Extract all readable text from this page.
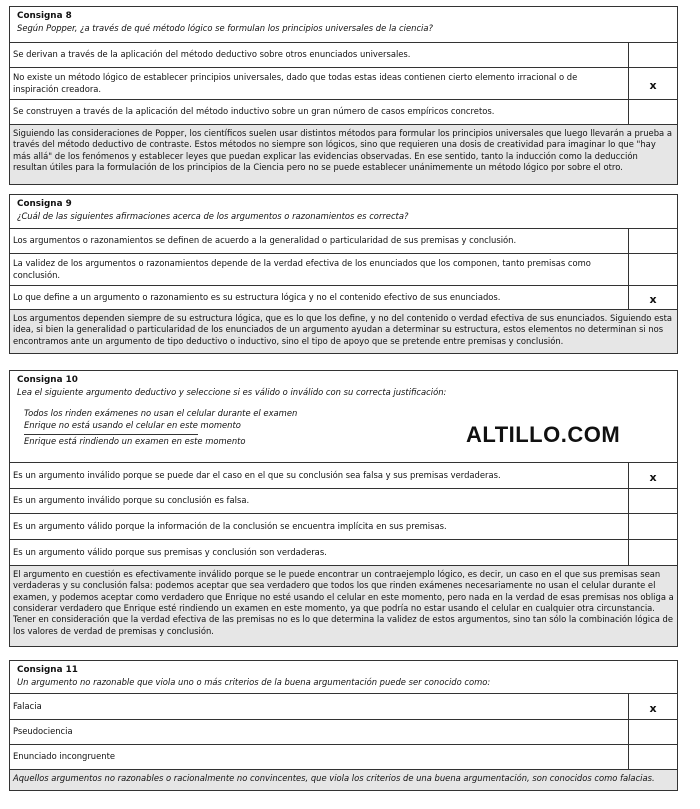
Consigna 8
Según Popper, ¿a través de qué método lógico se formulan los principios universales de la ciencia?
Se derivan a través de la aplicación del método deductivo sobre otros enunciados universales.
No existe un método lógico de establecer principios universales, dado que todas estas ideas contienen cierto elemento irracional o de inspiración creadora.	x
Se construyen a través de la aplicación del método inductivo sobre un gran número de casos empíricos concretos.
Siguiendo las consideraciones de Popper, los científicos suelen usar distintos métodos para formular los principios universales que luego llevarán a prueba a través del método deductivo de contraste. Estos métodos no siempre son lógicos, sino que requieren una dosis de creatividad para imaginar lo que "hay más allá" de los fenómenos y establecer leyes que puedan explicar las evidencias observadas. En ese sentido, tanto la inducción como la deducción resultan útiles para la formulación de los principios de la Ciencia pero no se puede establecer unánimemente un método lógico por sobre el otro.
Consigna 9
¿Cuál de las siguientes afirmaciones acerca de los argumentos o razonamientos es correcta?
Los argumentos o razonamientos se definen de acuerdo a la generalidad o particularidad de sus premisas y conclusión.
La validez de los argumentos o razonamientos depende de la verdad efectiva de los enunciados que los componen, tanto premisas como conclusión.
Lo que define a un argumento o razonamiento es su estructura lógica y no el contenido efectivo de sus enunciados.	x
Los argumentos dependen siempre de su estructura lógica, que es lo que los define, y no del contenido o verdad efectiva de sus enunciados. Siguiendo esta idea, si bien la generalidad o particularidad de los enunciados de un argumento ayudan a determinar su estructura, estos elementos no determinan si nos encontramos ante un argumento de tipo deductivo o inductivo, sino el tipo de apoyo que se pretende entre premisas y conclusión.
Consigna 10
Lea el siguiente argumento deductivo y seleccione si es válido o inválido con su correcta justificación:
Todos los rinden exámenes no usan el celular durante el examen
Enrique no está usando el celular en este momento
Enrique está rindiendo un examen en este momento
Es un argumento inválido porque se puede dar el caso en el que su conclusión sea falsa y sus premisas verdaderas.	x
Es un argumento inválido porque su conclusión es falsa.
Es un argumento válido porque la información de la conclusión se encuentra implícita en sus premisas.
Es un argumento válido porque sus premisas y conclusión son verdaderas.
El argumento en cuestión es efectivamente inválido porque se le puede encontrar un contraejemplo lógico, es decir, un caso en el que sus premisas sean verdaderas y su conclusión falsa: podemos aceptar que sea verdadero que todos los que rinden exámenes necesariamente no usan el celular durante el examen, y podemos aceptar como verdadero que Enrique no esté usando el celular en este momento, pero nada en la verdad de esas premisas nos obliga a considerar verdadero que Enrique esté rindiendo un examen en este momento, ya que podría no estar usando el celular en cualquier otra circunstancia.
Tener en consideración que la verdad efectiva de las premisas no es lo que determina la validez de estos argumentos, sino tan sólo la combinación lógica de los valores de verdad de premisas y conclusión.
ALTILLO.COM
Consigna 11
Un argumento no razonable que viola uno o más criterios de la buena argumentación puede ser conocido como:
Falacia	x
Pseudociencia
Enunciado incongruente
Aquellos argumentos no razonables o racionalmente no convincentes, que viola los criterios de una buena argumentación, son conocidos como falacias.
